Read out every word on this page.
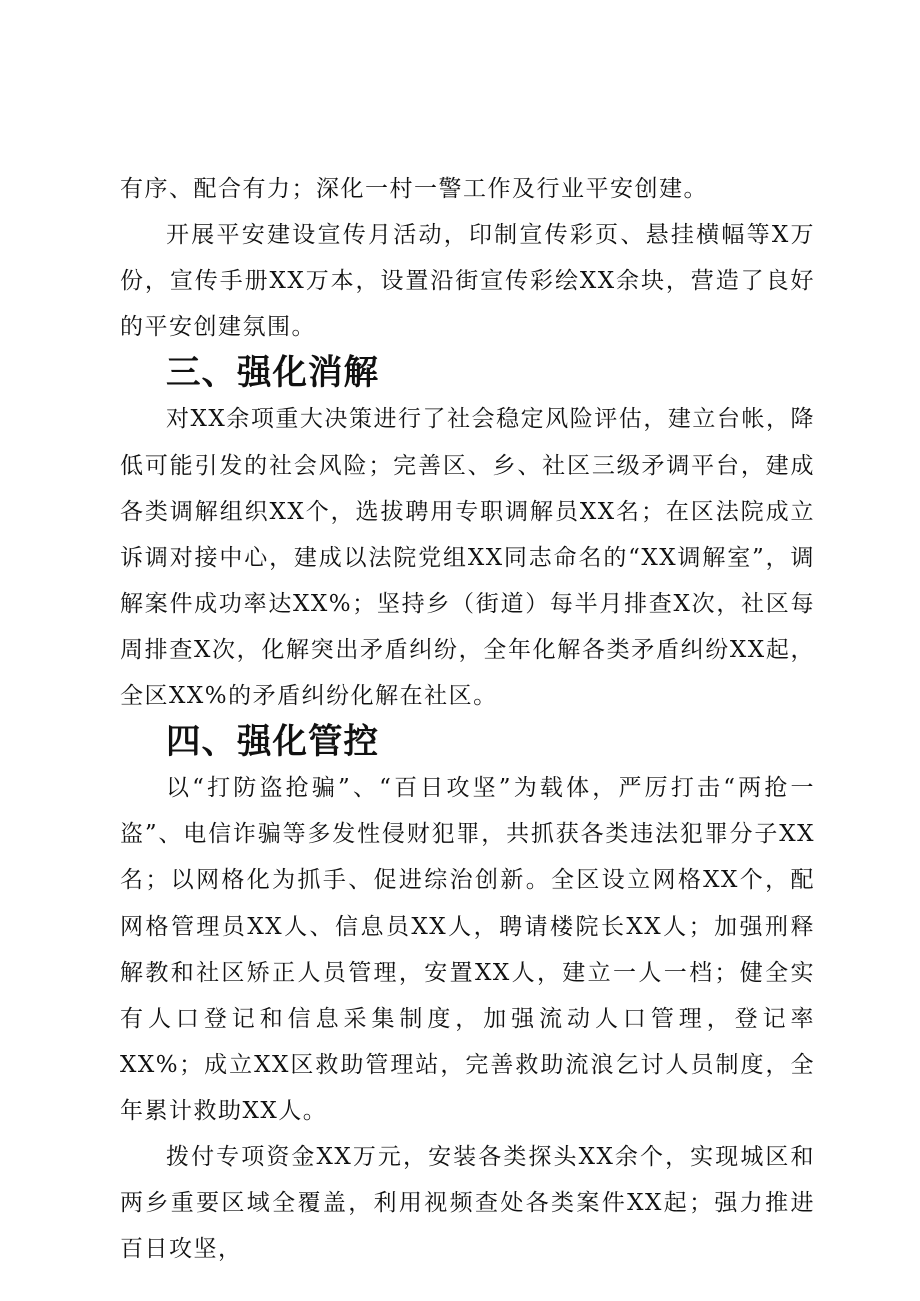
有序、配合有力；深化一村一警工作及行业平安创建。

开展平安建设宣传月活动，印制宣传彩页、悬挂横幅等X万份，宣传手册XX万本，设置沿街宣传彩绘XX余块，营造了良好的平安创建氛围。

三、强化消解

对XX余项重大决策进行了社会稳定风险评估，建立台帐，降低可能引发的社会风险；完善区、乡、社区三级矛调平台，建成各类调解组织XX个，选拔聘用专职调解员XX名；在区法院成立诉调对接中心，建成以法院党组XX同志命名的“XX调解室”，调解案件成功率达XX%；坚持乡（街道）每半月排查X次，社区每周排查X次，化解突出矛盾纠纷，全年化解各类矛盾纠纷XX起，全区XX%的矛盾纠纷化解在社区。

四、强化管控

以“打防盗抢骗”、“百日攻坚”为载体，严厉打击“两抢一盗”、电信诈骗等多发性侵财犯罪，共抓获各类违法犯罪分子XX名；以网格化为抓手、促进综治创新。全区设立网格XX个，配网格管理员XX人、信息员XX人，聘请楼院长XX人；加强刑释解教和社区矫正人员管理，安置XX人，建立一人一档；健全实有人口登记和信息采集制度，加强流动人口管理，登记率XX%；成立XX区救助管理站，完善救助流浪乞讨人员制度，全年累计救助XX人。

拨付专项资金XX万元，安装各类探头XX余个，实现城区和两乡重要区域全覆盖，利用视频查处各类案件XX起；强力推进百日攻坚，
